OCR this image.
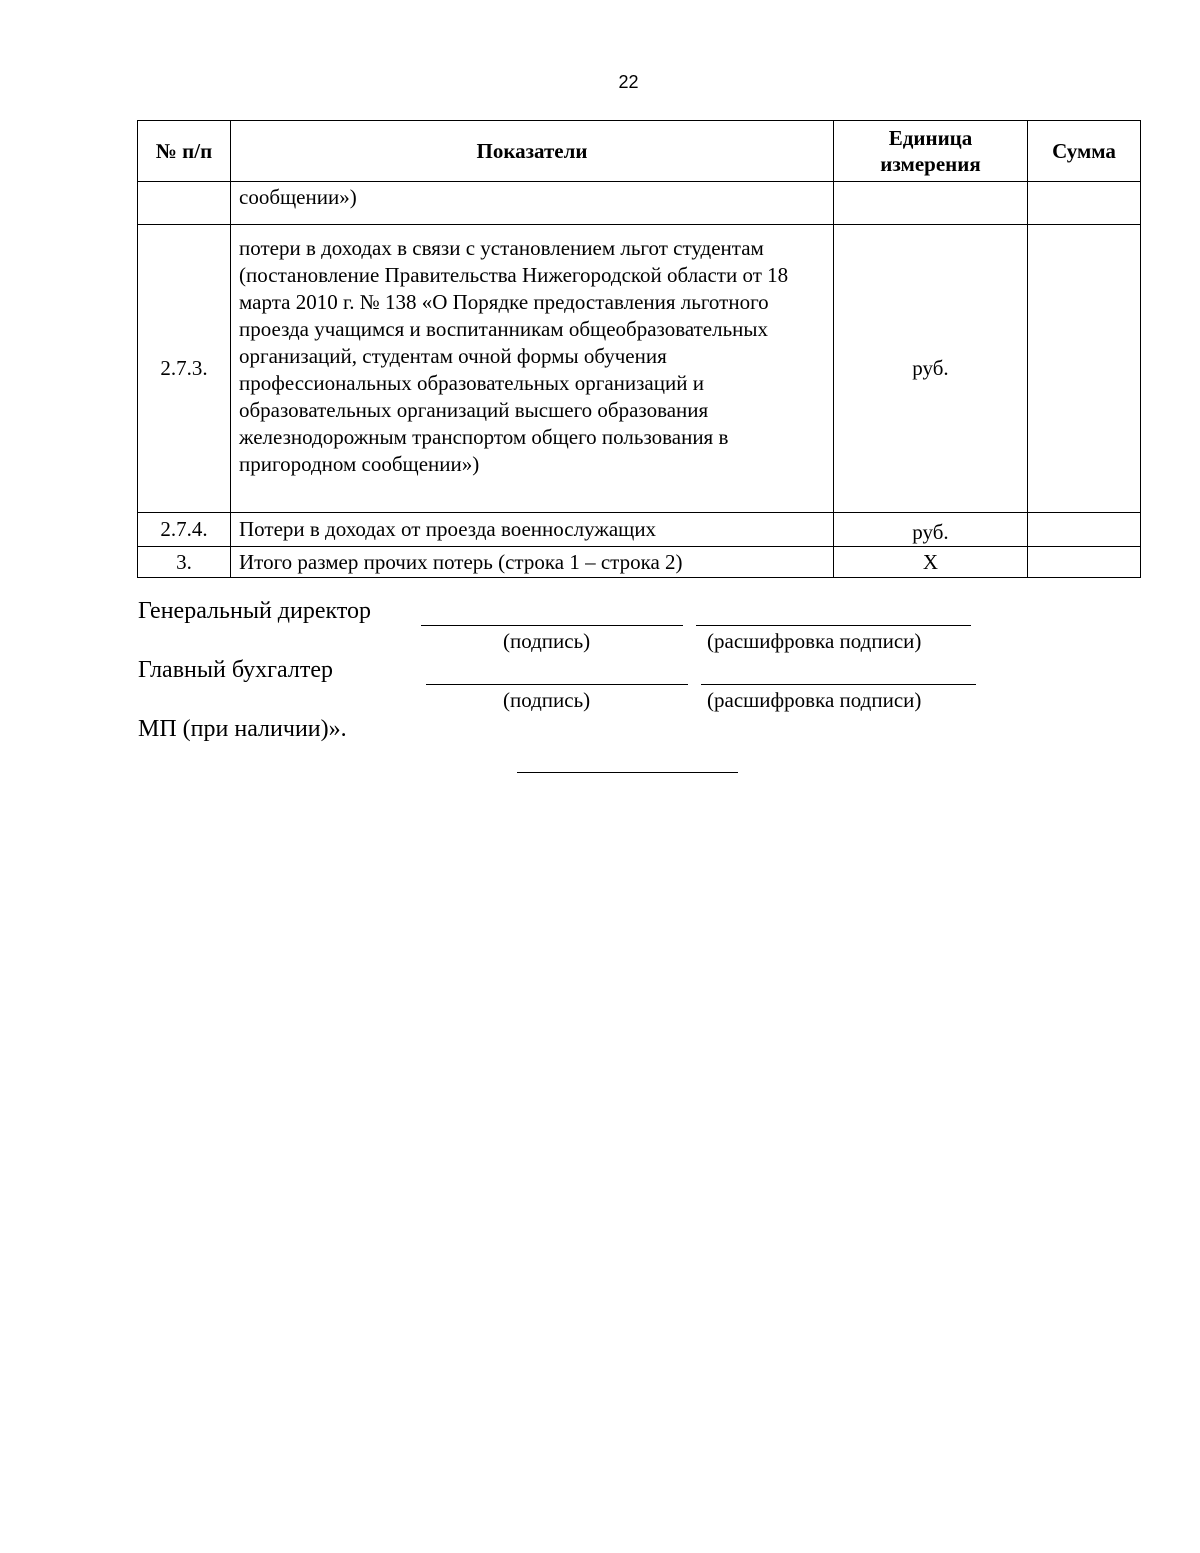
22
№ п/п	Показатели	Единица измерения	Сумма
	сообщении»)		
2.7.3.	потери в доходах в связи с установлением льгот студентам (постановление Правительства Нижегородской области от 18 марта 2010 г. № 138 «О Порядке предоставления льготного проезда учащимся и воспитанникам общеобразовательных организаций, студентам очной формы обучения профессиональных образовательных организаций и образовательных организаций высшего образования железнодорожным транспортом общего пользования в пригородном сообщении»)	руб.	
2.7.4.	Потери в доходах от проезда военнослужащих	руб.	
3.	Итого размер прочих потерь (строка 1 – строка 2)	Х	
Генеральный директор
(подпись)	(расшифровка подписи)
Главный бухгалтер
(подпись)	(расшифровка подписи)
МП (при наличии)».
